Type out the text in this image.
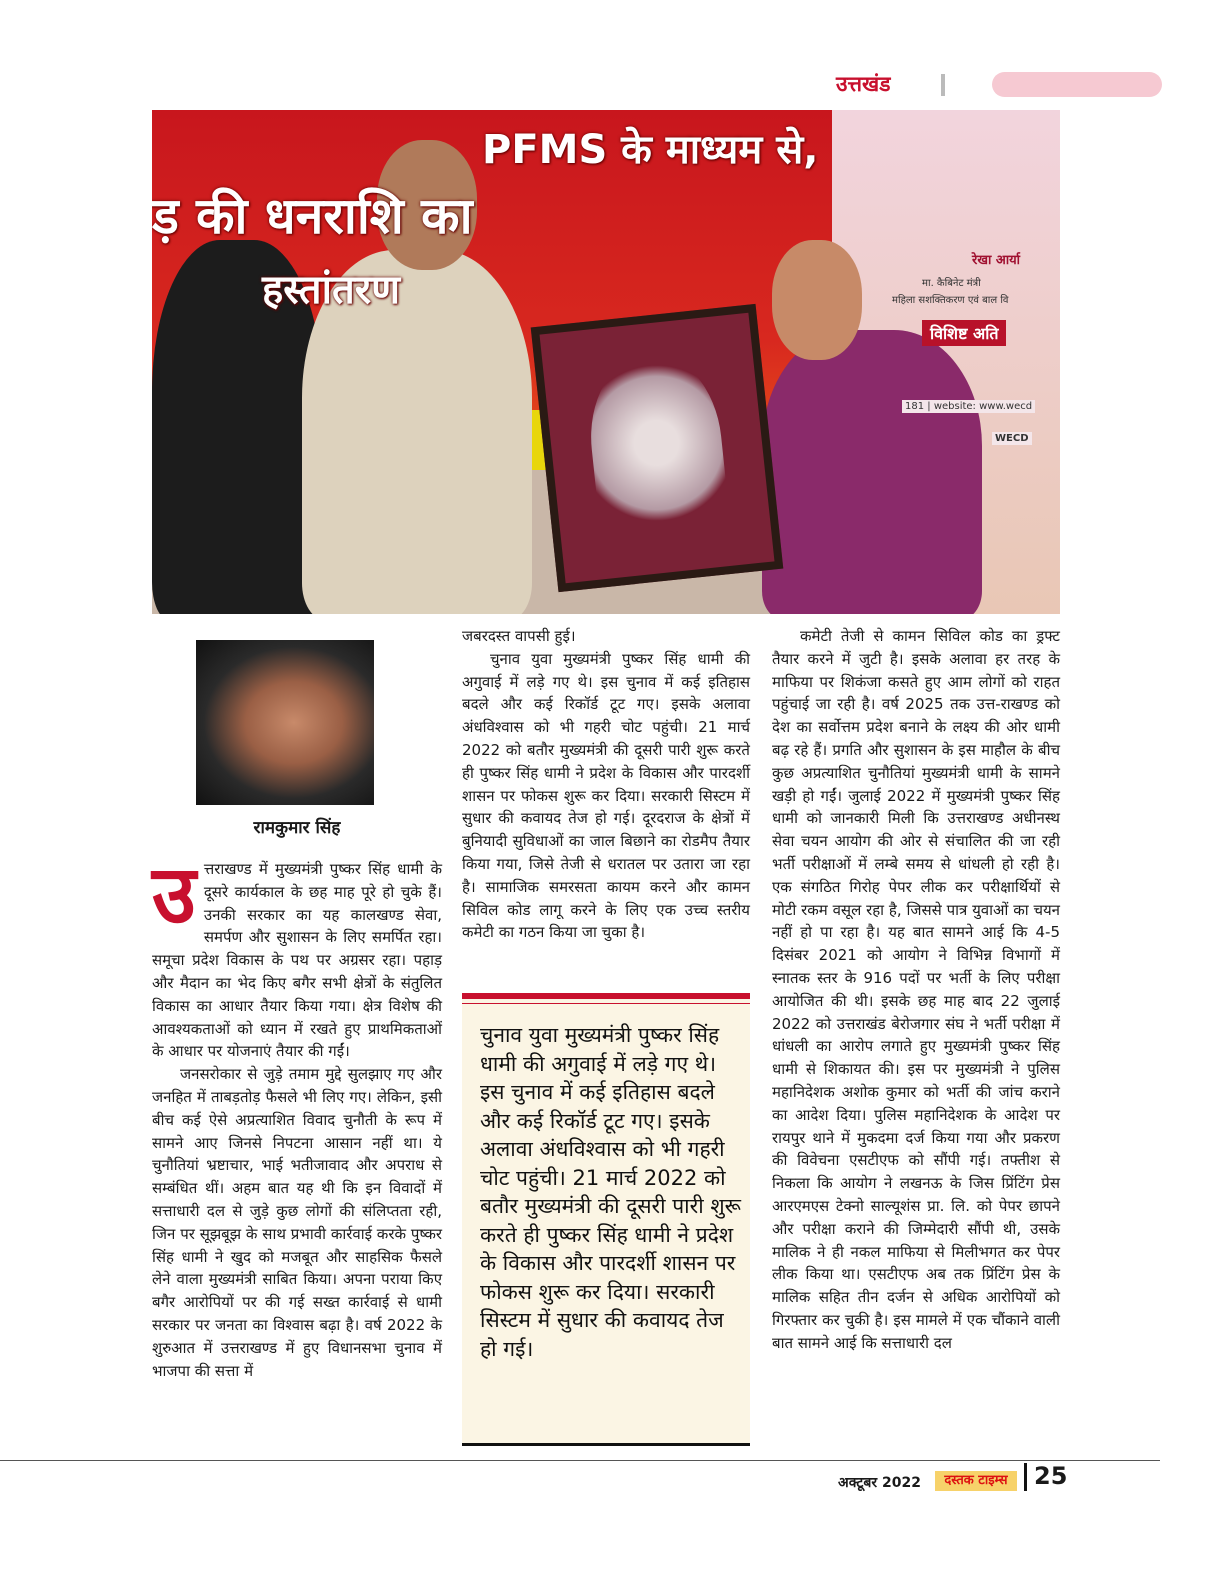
उत्तखंड
PFMS के माध्यम से,
ड़ की धनराशि का
हस्तांतरण
रेखा आर्या
मा. कैबिनेट मंत्री
महिला सशक्तिकरण एवं बाल वि
विशिष्ट अति
181 | website: www.wecd
WECD
रामकुमार सिंह
उ त्तराखण्ड में मुख्यमंत्री पुष्कर सिंह धामी के दूसरे कार्यकाल के छह माह पूरे हो चुके हैं। उनकी सरकार का यह कालखण्ड सेवा, समर्पण और सुशासन के लिए समर्पित रहा। समूचा प्रदेश विकास के पथ पर अग्रसर रहा। पहाड़ और मैदान का भेद किए बगैर सभी क्षेत्रों के संतुलित विकास का आधार तैयार किया गया। क्षेत्र विशेष की आवश्यकताओं को ध्यान में रखते हुए प्राथमिकताओं के आधार पर योजनाएं तैयार की गईं।

जनसरोकार से जुड़े तमाम मुद्दे सुलझाए गए और जनहित में ताबड़तोड़ फैसले भी लिए गए। लेकिन, इसी बीच कई ऐसे अप्रत्याशित विवाद चुनौती के रूप में सामने आए जिनसे निपटना आसान नहीं था। ये चुनौतियां भ्रष्टाचार, भाई भतीजावाद और अपराध से सम्बंधित थीं। अहम बात यह थी कि इन विवादों में सत्ताधारी दल से जुड़े कुछ लोगों की संलिप्तता रही, जिन पर सूझबूझ के साथ प्रभावी कार्रवाई करके पुष्कर सिंह धामी ने खुद को मजबूत और साहसिक फैसले लेने वाला मुख्यमंत्री साबित किया। अपना पराया किए बगैर आरोपियों पर की गई सख्त कार्रवाई से धामी सरकार पर जनता का विश्वास बढ़ा है। वर्ष 2022 के शुरुआत में उत्तराखण्ड में हुए विधानसभा चुनाव में भाजपा की सत्ता में

जबरदस्त वापसी हुई।

चुनाव युवा मुख्यमंत्री पुष्कर सिंह धामी की अगुवाई में लड़े गए थे। इस चुनाव में कई इतिहास बदले और कई रिकॉर्ड टूट गए। इसके अलावा अंधविश्वास को भी गहरी चोट पहुंची। 21 मार्च 2022 को बतौर मुख्यमंत्री की दूसरी पारी शुरू करते ही पुष्कर सिंह धामी ने प्रदेश के विकास और पारदर्शी शासन पर फोकस शुरू कर दिया। सरकारी सिस्टम में सुधार की कवायद तेज हो गई। दूरदराज के क्षेत्रों में बुनियादी सुविधाओं का जाल बिछाने का रोडमैप तैयार किया गया, जिसे तेजी से धरातल पर उतारा जा रहा है। सामाजिक समरसता कायम करने और कामन सिविल कोड लागू करने के लिए एक उच्च स्तरीय कमेटी का गठन किया जा चुका है।

चुनाव युवा मुख्यमंत्री पुष्कर सिंह धामी की अगुवाई में लड़े गए थे। इस चुनाव में कई इतिहास बदले और कई रिकॉर्ड टूट गए। इसके अलावा अंधविश्वास को भी गहरी चोट पहुंची। 21 मार्च 2022 को बतौर मुख्यमंत्री की दूसरी पारी शुरू करते ही पुष्कर सिंह धामी ने प्रदेश के विकास और पारदर्शी शासन पर फोकस शुरू कर दिया। सरकारी सिस्टम में सुधार की कवायद तेज हो गई।

कमेटी तेजी से कामन सिविल कोड का ड्रफ्ट तैयार करने में जुटी है। इसके अलावा हर तरह के माफिया पर शिकंजा कसते हुए आम लोगों को राहत पहुंचाई जा रही है। वर्ष 2025 तक उत्त-राखण्ड को देश का सर्वोत्तम प्रदेश बनाने के लक्ष्य की ओर धामी बढ़ रहे हैं। प्रगति और सुशासन के इस माहौल के बीच कुछ अप्रत्याशित चुनौतियां मुख्यमंत्री धामी के सामने खड़ी हो गईं। जुलाई 2022 में मुख्यमंत्री पुष्कर सिंह धामी को जानकारी मिली कि उत्तराखण्ड अधीनस्थ सेवा चयन आयोग की ओर से संचालित की जा रही भर्ती परीक्षाओं में लम्बे समय से धांधली हो रही है। एक संगठित गिरोह पेपर लीक कर परीक्षार्थियों से मोटी रकम वसूल रहा है, जिससे पात्र युवाओं का चयन नहीं हो पा रहा है। यह बात सामने आई कि 4-5 दिसंबर 2021 को आयोग ने विभिन्न विभागों में स्नातक स्तर के 916 पदों पर भर्ती के लिए परीक्षा आयोजित की थी। इसके छह माह बाद 22 जुलाई 2022 को उत्तराखंड बेरोजगार संघ ने भर्ती परीक्षा में धांधली का आरोप लगाते हुए मुख्यमंत्री पुष्कर सिंह धामी से शिकायत की। इस पर मुख्यमंत्री ने पुलिस महानिदेशक अशोक कुमार को भर्ती की जांच कराने का आदेश दिया। पुलिस महानिदेशक के आदेश पर रायपुर थाने में मुकदमा दर्ज किया गया और प्रकरण की विवेचना एसटीएफ को सौंपी गई। तफ्तीश से निकला कि आयोग ने लखनऊ के जिस प्रिंटिंग प्रेस आरएमएस टेक्नो साल्यूशंस प्रा. लि. को पेपर छापने और परीक्षा कराने की जिम्मेदारी सौंपी थी, उसके मालिक ने ही नकल माफिया से मिलीभगत कर पेपर लीक किया था। एसटीएफ अब तक प्रिंटिंग प्रेस के मालिक सहित तीन दर्जन से अधिक आरोपियों को गिरफ्तार कर चुकी है। इस मामले में एक चौंकाने वाली बात सामने आई कि सत्ताधारी दल

अक्टूबर 2022	दस्तक टाइम्स	25
